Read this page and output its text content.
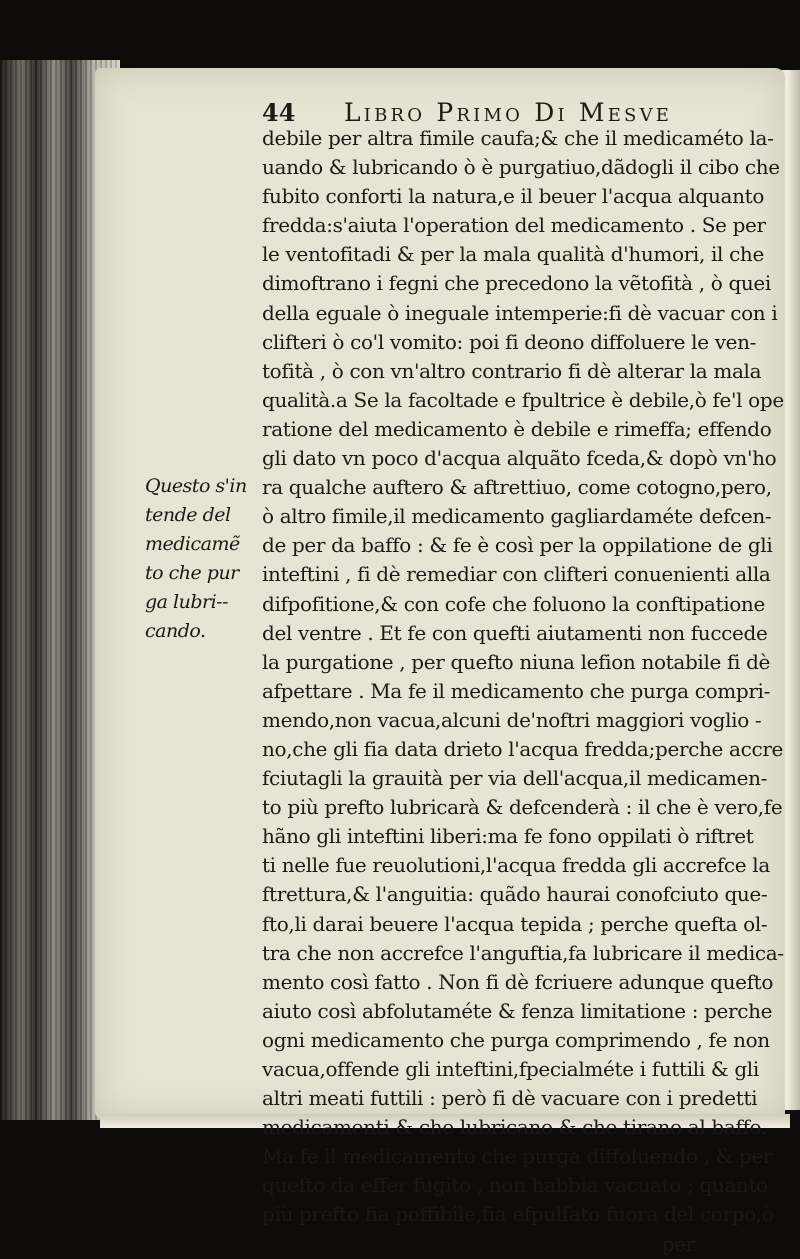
44 Libro Primo Di Mesve
Questo s'in
tende del
medicamẽ
to che pur
ga lubri--
cando.
debile per altra fimile caufa;& che il medicaméto la-
uando & lubricando ò è purgatiuo,dãdogli il cibo che
fubito conforti la natura,e il beuer l'acqua alquanto
fredda:s'aiuta l'operation del medicamento . Se per
le ventofitadi & per la mala qualità d'humori, il che
dimoftrano i fegni che precedono la vẽtofità , ò quei
della eguale ò ineguale intemperie:fi dè vacuar con i
clifteri ò co'l vomito: poi fi deono diffoluere le ven-
tofità , ò con vn'altro contrario fi dè alterar la mala
qualità.a Se la facoltade e fpultrice è debile,ò fe'l ope
ratione del medicamento è debile e rimeffa; effendo
gli dato vn poco d'acqua alquãto fceda,& dopò vn'ho
ra qualche auftero & aftrettiuo, come cotogno,pero,
ò altro fimile,il medicamento gagliardaméte defcen-
de per da baffo : & fe è così per la oppilatione de gli
inteftini , fi dè remediar con clifteri conuenienti alla
difpofitione,& con cofe che foluono la conftipatione
del ventre . Et fe con quefti aiutamenti non fuccede
la purgatione , per quefto niuna lefion notabile fi dè
afpettare . Ma fe il medicamento che purga compri-
mendo,non vacua,alcuni de'noftri maggiori voglio -
no,che gli fia data drieto l'acqua fredda;perche accre
fciutagli la grauità per via dell'acqua,il medicamen-
to più prefto lubricarà & defcenderà : il che è vero,fe
hãno gli inteftini liberi:ma fe fono oppilati ò riftret
ti nelle fue reuolutioni,l'acqua fredda gli accrefce la
ftrettura,& l'anguitia: quãdo haurai conofciuto que-
fto,li darai beuere l'acqua tepida ; perche quefta ol-
tra che non accrefce l'anguftia,fa lubricare il medica-
mento così fatto . Non fi dè fcriuere adunque quefto
aiuto così abfolutaméte & fenza limitatione : perche
ogni medicamento che purga comprimendo , fe non
vacua,offende gli inteftini,fpecialméte i futtili & gli
altri meati futtili : però fi dè vacuare con i predetti
medicamenti & che lubricano & che tirano al baffo.
Ma fe il medicamento che purga diffoluendo , & per
quefto da effer fugito , non habbia vacuato ; quanto
più prefto fia poffibile,fia efpulfato fuora del corpo,ò
per
